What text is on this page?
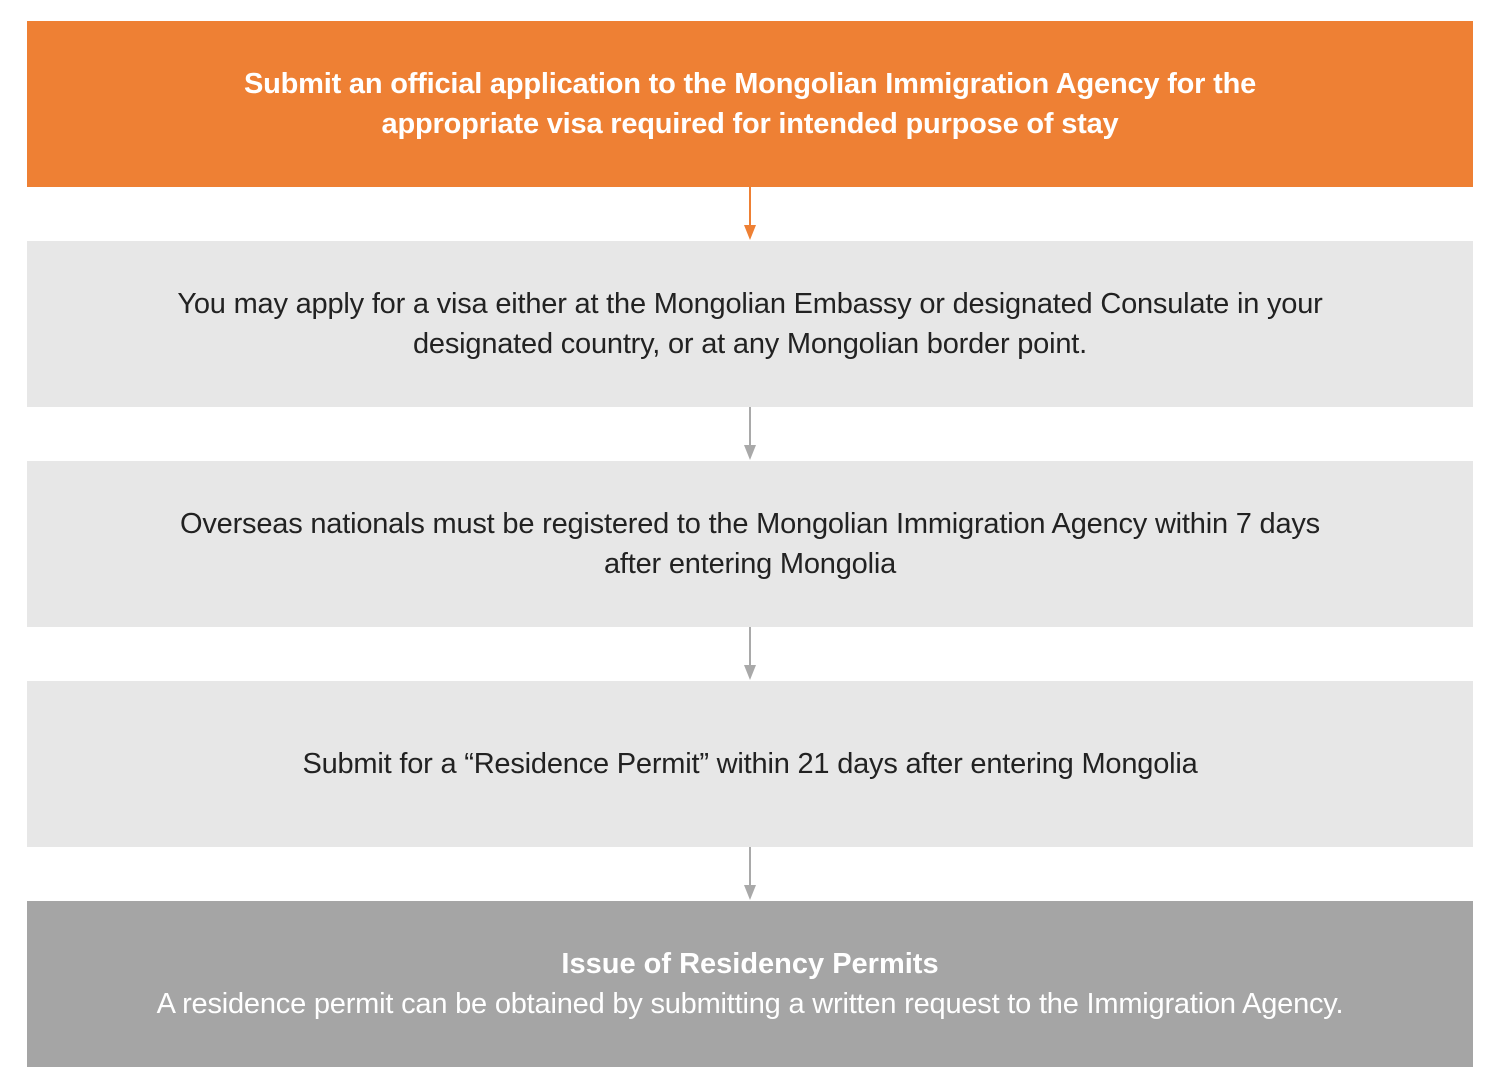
Submit an official application to the Mongolian Immigration Agency for the appropriate visa required for intended purpose of stay
You may apply for a visa either at the Mongolian Embassy or designated Consulate in your designated country, or at any Mongolian border point.
Overseas nationals must be registered to the Mongolian Immigration Agency within 7 days after entering Mongolia
Submit for a “Residence Permit” within 21 days after entering Mongolia
Issue of Residency Permits
A residence permit can be obtained by submitting a written request to the Immigration Agency.
